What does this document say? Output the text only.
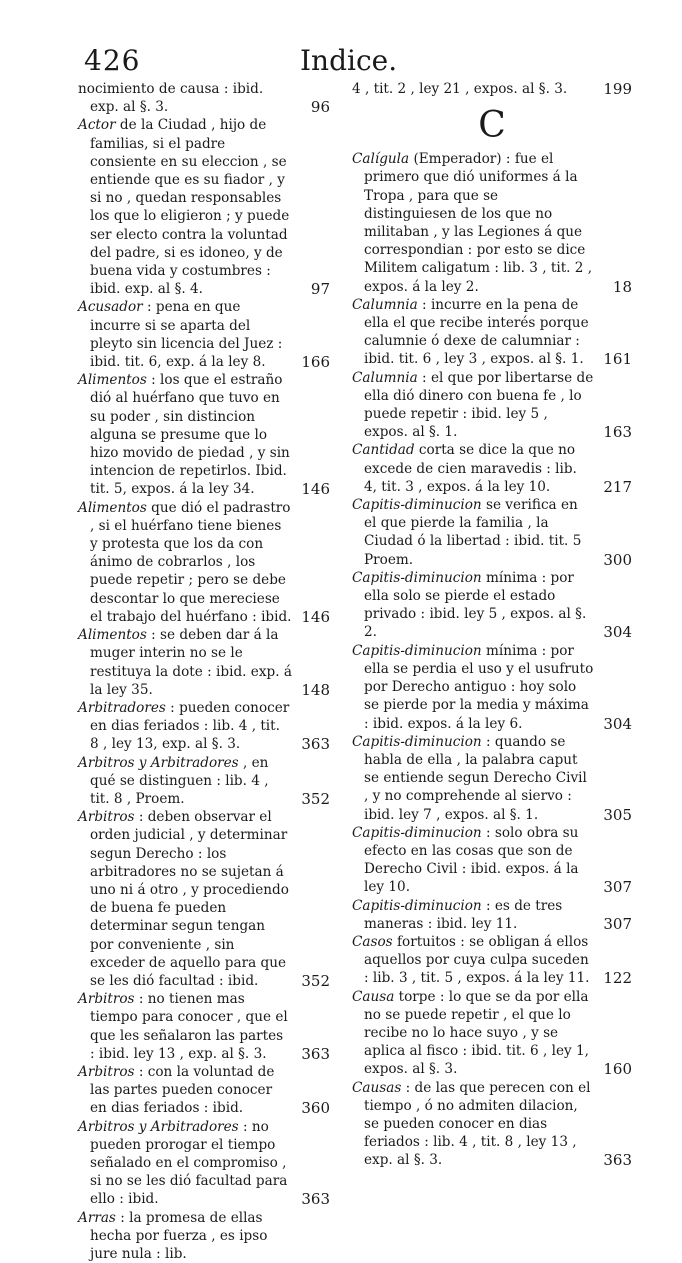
426	Indice.
nocimiento de causa : ibid. exp. al §. 3.	96
Actor de la Ciudad , hijo de familias, si el padre consiente en su eleccion , se entiende que es su fiador , y si no , quedan responsables los que lo eligieron ; y puede ser electo contra la voluntad del padre, si es idoneo, y de buena vida y costumbres : ibid. exp. al §. 4.	97
Acusador : pena en que incurre si se aparta del pleyto sin licencia del Juez : ibid. tit. 6, exp. á la ley 8. 166
Alimentos : los que el estraño dió al huérfano que tuvo en su poder , sin distincion alguna se presume que lo hizo movido de piedad , y sin intencion de repetirlos. Ibid. tit. 5, expos. á la ley 34.	146
Alimentos que dió el padrastro , si el huérfano tiene bienes y protesta que los da con ánimo de cobrarlos , los puede repetir ; pero se debe descontar lo que mereciese el trabajo del huérfano : ibid. 146
Alimentos : se deben dar á la muger interin no se le restituya la dote : ibid. exp. á la ley 35.	148
Arbitradores : pueden conocer en dias feriados : lib. 4 , tit. 8 , ley 13, exp. al §. 3.	363
Arbitros y Arbitradores , en qué se distinguen : lib. 4 , tit. 8 , Proem.	352
Arbitros : deben observar el orden judicial , y determinar segun Derecho : los arbitradores no se sujetan á uno ni á otro , y procediendo de buena fe pueden determinar segun tengan por conveniente , sin exceder de aquello para que se les dió facultad : ibid.	352
Arbitros : no tienen mas tiempo para conocer , que el que les señalaron las partes : ibid. ley 13 , exp. al §. 3. 363
Arbitros : con la voluntad de las partes pueden conocer en dias feriados : ibid.	360
Arbitros y Arbitradores : no pueden prorogar el tiempo señalado en el compromiso , si no se les dió facultad para ello : ibid.	363
Arras : la promesa de ellas hecha por fuerza , es ipso jure nula : lib.
4 , tit. 2 , ley 21 , expos. al §. 3. 199
C
Calígula (Emperador) : fue el primero que dió uniformes á la Tropa , para que se distinguiesen de los que no militaban , y las Legiones á que correspondian : por esto se dice Militem caligatum : lib. 3 , tit. 2 , expos. á la ley 2.	18
Calumnia : incurre en la pena de ella el que recibe interés porque calumnie ó dexe de calumniar : ibid. tit. 6 , ley 3 , expos. al §. 1. 161
Calumnia : el que por libertarse de ella dió dinero con buena fe , lo puede repetir : ibid. ley 5 , expos. al §. 1.	163
Cantidad corta se dice la que no excede de cien maravedis : lib. 4, tit. 3 , expos. á la ley 10.	217
Capitis-diminucion se verifica en el que pierde la familia , la Ciudad ó la libertad : ibid. tit. 5 Proem.	300
Capitis-diminucion mínima : por ella solo se pierde el estado privado : ibid. ley 5 , expos. al §. 2.	304
Capitis-diminucion mínima : por ella se perdia el uso y el usufruto por Derecho antiguo : hoy solo se pierde por la media y máxima : ibid. expos. á la ley 6.	304
Capitis-diminucion : quando se habla de ella , la palabra caput se entiende segun Derecho Civil , y no comprehende al siervo : ibid. ley 7 , expos. al §. 1.	305
Capitis-diminucion : solo obra su efecto en las cosas que son de Derecho Civil : ibid. expos. á la ley 10.	307
Capitis-diminucion : es de tres maneras : ibid. ley 11.	307
Casos fortuitos : se obligan á ellos aquellos por cuya culpa suceden : lib. 3 , tit. 5 , expos. á la ley 11. 122
Causa torpe : lo que se da por ella no se puede repetir , el que lo recibe no lo hace suyo , y se aplica al fisco : ibid. tit. 6 , ley 1, expos. al §. 3.	160
Causas : de las que perecen con el tiempo , ó no admiten dilacion, se pueden conocer en dias feriados : lib. 4 , tit. 8 , ley 13 , exp. al §. 3.	363
